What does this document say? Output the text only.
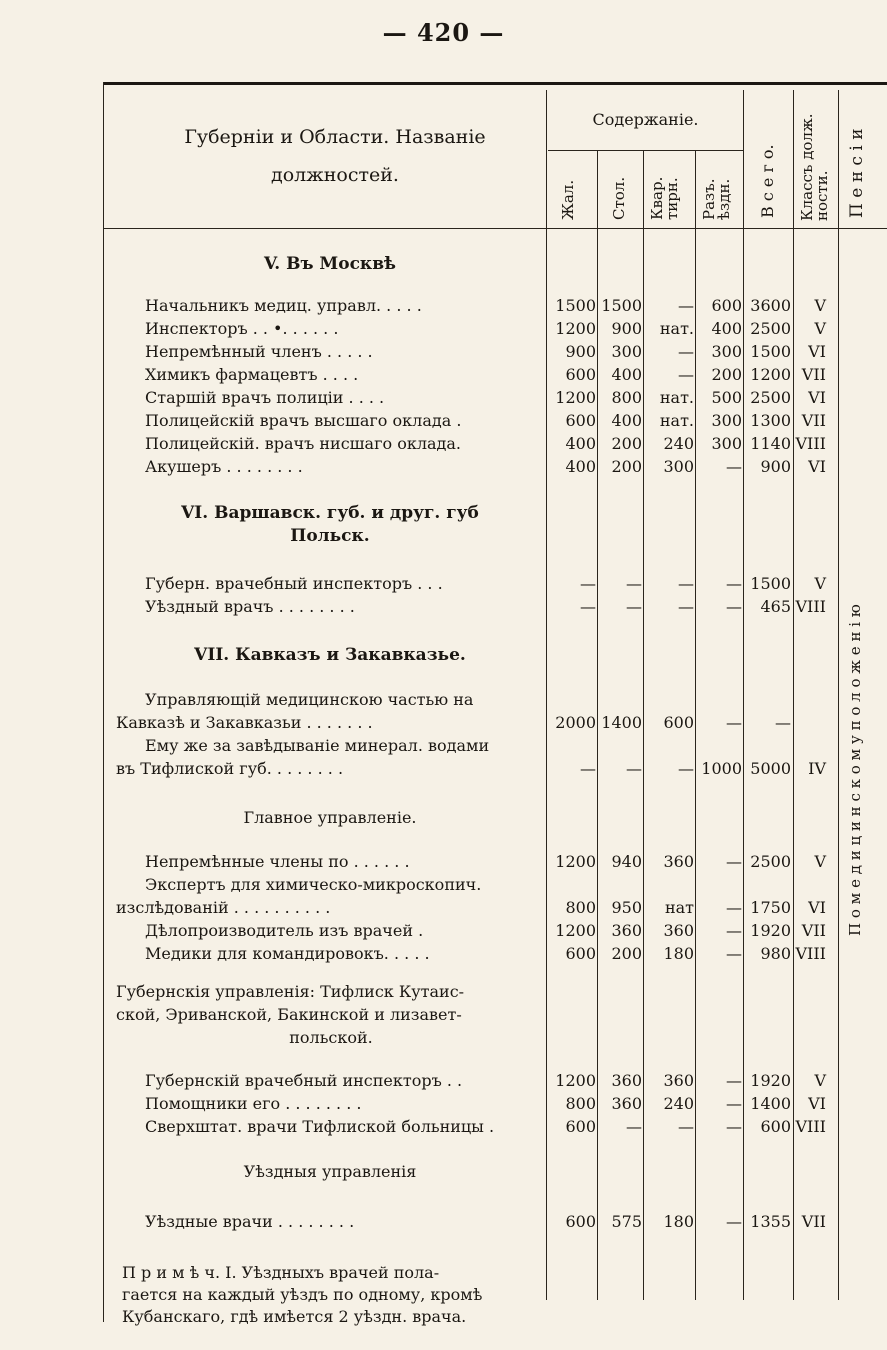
— 420 —
Губерніи и Области. Названіе должностей.
Содержаніе.
Жал. Стол. Квар. тирн. Разъ. ѣздн. В с е г о. Классъ долж. ности. П е н с і и
П о м е д и ц и н с к о м у п о л о ж е н і ю
V. Въ Москвѣ
VI. Варшавск. губ. и друг. губ
Польск.
VII. Кавказъ и Закавказье.
Главное управленіе.
Губернскія управленія: Тифлиск Кутаис-
ской, Эриванской, Бакинской и лизавет-
польской.
Уѣздныя управленія
Начальникъ медиц. управл. . . . .	1500 1500 — 600 3600 V
Инспекторъ . . •. . . . . .	1200 900 нат. 400 2500 V
Непремѣнный членъ . . . . .	900 300 — 300 1500 VI
Химикъ фармацевтъ . . . .	600 400 — 200 1200 VII
Старшій врачъ полиціи . . . .	1200 800 нат. 500 2500 VI
Полицейскій врачъ высшаго оклада .	600 400 нат. 300 1300 VII
Полицейскій. врачъ нисшаго оклада.	400 200 240 300 1140 VIII
Акушеръ . . . . . . . .	400 200 300 — 900 VI
Губерн. врачебный инспекторъ . . .	— — — — 1500 V
Уѣздный врачъ . . . . . . . .	— — — — 465 VIII
Управляющій медицинскою частью на
Кавказѣ и Закавказьи . . . . . . .	2000 1400 600 — —
Ему же за завѣдываніе минерал. водами
въ Тифлиской губ. . . . . . . .	— — — 1000 5000 IV
Непремѣнные члены по . . . . . .	1200 940 360 — 2500 V
Экспертъ для химическо-микроскопич.
изслѣдованій . . . . . . . . . .	800 950 нат — 1750 VI
Дѣлопроизводитель изъ врачей .	1200 360 360 — 1920 VII
Медики для командировокъ. . . . .	600 200 180 — 980 VIII
Губернскій врачебный инспекторъ . .	1200 360 360 — 1920 V
Помощники его . . . . . . . .	800 360 240 — 1400 VI
Сверхштат. врачи Тифлиской больницы .	600 — — — 600 VIII
Уѣздные врачи . . . . . . . .	600 575 180 — 1355 VII
П р и м ѣ ч. I. Уѣздныхъ врачей пола-
гается на каждый уѣздъ по одному, кромѣ
Кубанскаго, гдѣ имѣется 2 уѣздн. врача.
